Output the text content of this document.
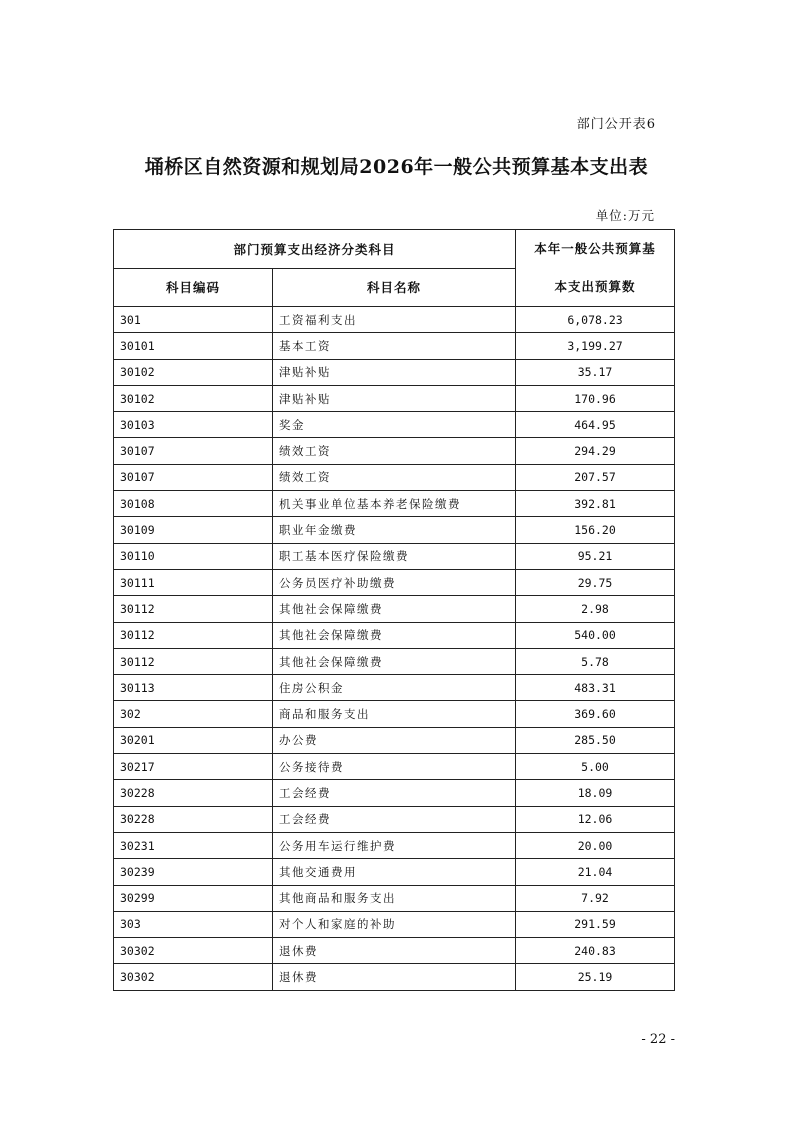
部门公开表6
埇桥区自然资源和规划局2026年一般公共预算基本支出表
单位:万元
部门预算支出经济分类科目		本年一般公共预算基
本支出预算数

科目编码	科目名称	
301	工资福利支出	6,078.23
30101	基本工资	3,199.27
30102	津贴补贴	35.17
30102	津贴补贴	170.96
30103	奖金	464.95
30107	绩效工资	294.29
30107	绩效工资	207.57
30108	机关事业单位基本养老保险缴费	392.81
30109	职业年金缴费	156.20
30110	职工基本医疗保险缴费	95.21
30111	公务员医疗补助缴费	29.75
30112	其他社会保障缴费	2.98
30112	其他社会保障缴费	540.00
30112	其他社会保障缴费	5.78
30113	住房公积金	483.31
302	商品和服务支出	369.60
30201	办公费	285.50
30217	公务接待费	5.00
30228	工会经费	18.09
30228	工会经费	12.06
30231	公务用车运行维护费	20.00
30239	其他交通费用	21.04
30299	其他商品和服务支出	7.92
303	对个人和家庭的补助	291.59
30302	退休费	240.83
30302	退休费	25.19
- 22 -
